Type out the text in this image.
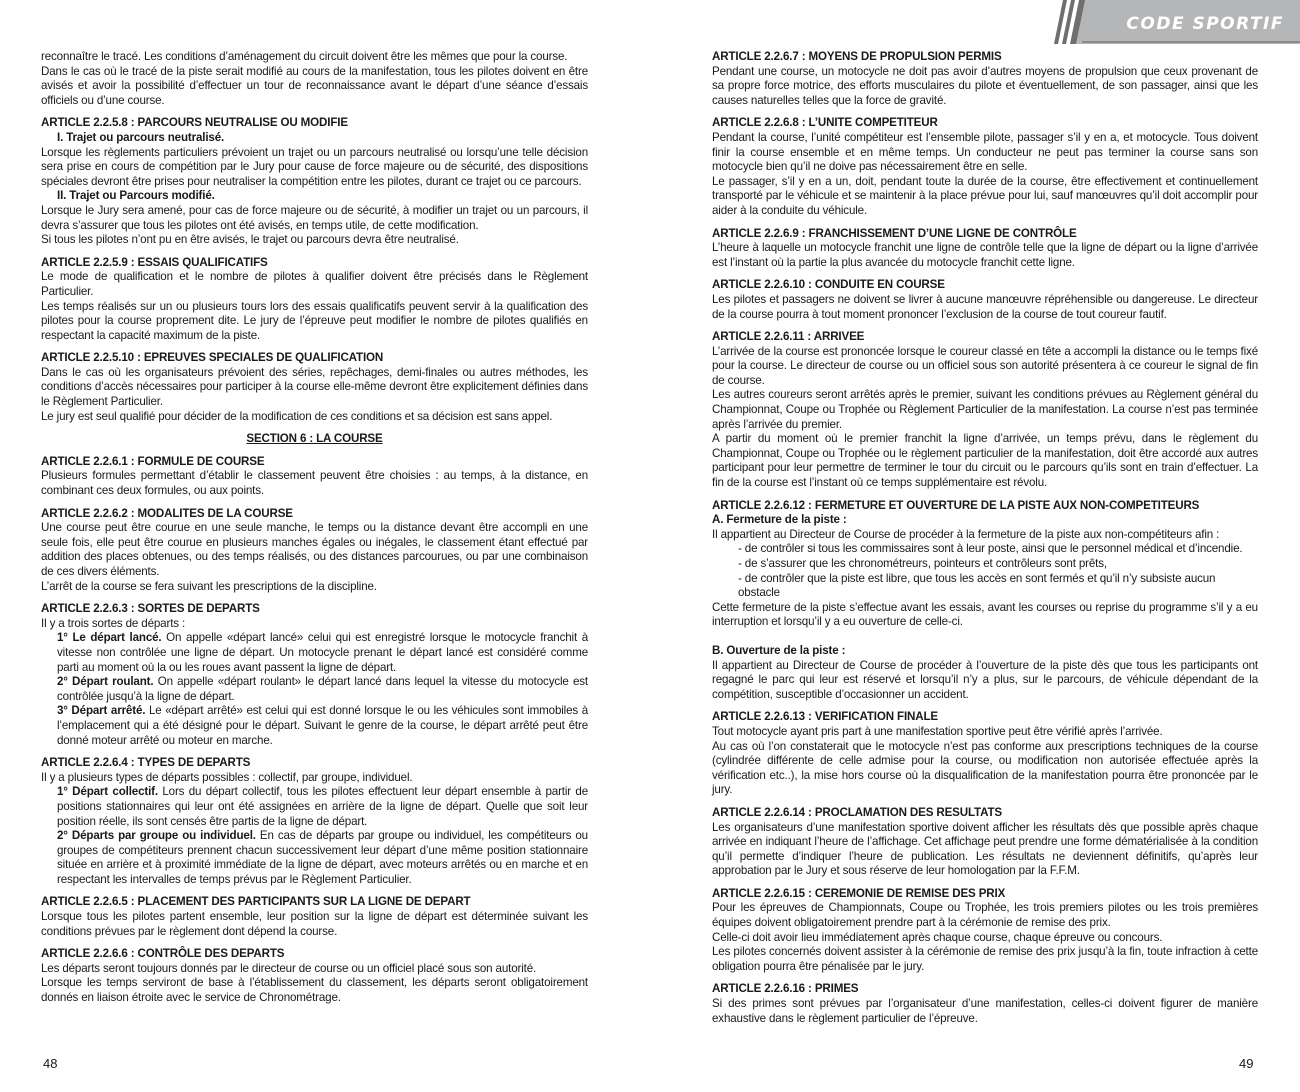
reconnaître le tracé. Les conditions d’aménagement du circuit doivent être les mêmes que pour la course.
Dans le cas où le tracé de la piste serait modifié au cours de la manifestation, tous les pilotes doivent en être avisés et avoir la possibilité d’effectuer un tour de reconnaissance avant le départ d’une séance d’essais officiels ou d’une course.
ARTICLE 2.2.5.8 : PARCOURS NEUTRALISE OU MODIFIE
I. Trajet ou parcours neutralisé.
Lorsque les règlements particuliers prévoient un trajet ou un parcours neutralisé ou lorsqu’une telle décision sera prise en cours de compétition par le Jury pour cause de force majeure ou de sécurité, des dispositions spéciales devront être prises pour neutraliser la compétition entre les pilotes, durant ce trajet ou ce parcours.
II. Trajet ou Parcours modifié.
Lorsque le Jury sera amené, pour cas de force majeure ou de sécurité, à modifier un trajet ou un parcours, il devra s’assurer que tous les pilotes ont été avisés, en temps utile, de cette modification.
Si tous les pilotes n’ont pu en être avisés, le trajet ou parcours devra être neutralisé.
ARTICLE 2.2.5.9 : ESSAIS QUALIFICATIFS
Le mode de qualification et le nombre de pilotes à qualifier doivent être précisés dans le Règlement Particulier.
Les temps réalisés sur un ou plusieurs tours lors des essais qualificatifs peuvent servir à la qualification des pilotes pour la course proprement dite. Le jury de l’épreuve peut modifier le nombre de pilotes qualifiés en respectant la capacité maximum de la piste.
ARTICLE 2.2.5.10 : EPREUVES SPECIALES DE QUALIFICATION
Dans le cas où les organisateurs prévoient des séries, repêchages, demi-finales ou autres méthodes, les conditions d’accès nécessaires pour participer à la course elle-même devront être explicitement définies dans le Règlement Particulier.
Le jury est seul qualifié pour décider de la modification de ces conditions et sa décision est sans appel.
SECTION 6 : LA COURSE
ARTICLE 2.2.6.1 : FORMULE DE COURSE
Plusieurs formules permettant d’établir le classement peuvent être choisies : au temps, à la distance, en combinant ces deux formules, ou aux points.
ARTICLE 2.2.6.2 : MODALITES DE LA COURSE
Une course peut être courue en une seule manche, le temps ou la distance devant être accompli en une seule fois, elle peut être courue en plusieurs manches égales ou inégales, le classement étant effectué par addition des places obtenues, ou des temps réalisés, ou des distances parcourues, ou par une combinaison de ces divers éléments.
L’arrêt de la course se fera suivant les prescriptions de la discipline.
ARTICLE 2.2.6.3 : SORTES DE DEPARTS
Il y a trois sortes de départs :
1° Le départ lancé. On appelle «départ lancé» celui qui est enregistré lorsque le motocycle franchit à vitesse non contrôlée une ligne de départ. Un motocycle prenant le départ lancé est considéré comme parti au moment où la ou les roues avant passent la ligne de départ.
2° Départ roulant. On appelle «départ roulant» le départ lancé dans lequel la vitesse du motocycle est contrôlée jusqu’à la ligne de départ.
3° Départ arrêté. Le «départ arrêté» est celui qui est donné lorsque le ou les véhicules sont immobiles à l’emplacement qui a été désigné pour le départ. Suivant le genre de la course, le départ arrêté peut être donné moteur arrêté ou moteur en marche.
ARTICLE 2.2.6.4 : TYPES DE DEPARTS
Il y a plusieurs types de départs possibles : collectif, par groupe, individuel.
1° Départ collectif. Lors du départ collectif, tous les pilotes effectuent leur départ ensemble à partir de positions stationnaires qui leur ont été assignées en arrière de la ligne de départ. Quelle que soit leur position réelle, ils sont censés être partis de la ligne de départ.
2° Départs par groupe ou individuel. En cas de départs par groupe ou individuel, les compétiteurs ou groupes de compétiteurs prennent chacun successivement leur départ d’une même position stationnaire située en arrière et à proximité immédiate de la ligne de départ, avec moteurs arrêtés ou en marche et en respectant les intervalles de temps prévus par le Règlement Particulier.
ARTICLE 2.2.6.5 : PLACEMENT DES PARTICIPANTS SUR LA LIGNE DE DEPART
Lorsque tous les pilotes partent ensemble, leur position sur la ligne de départ est déterminée suivant les conditions prévues par le règlement dont dépend la course.
ARTICLE 2.2.6.6 : CONTRÔLE DES DEPARTS
Les départs seront toujours donnés par le directeur de course ou un officiel placé sous son autorité.
Lorsque les temps serviront de base à l’établissement du classement, les départs seront obligatoirement donnés en liaison étroite avec le service de Chronométrage.
48
CODE SPORTIF
ARTICLE 2.2.6.7 : MOYENS DE PROPULSION PERMIS
Pendant une course, un motocycle ne doit pas avoir d’autres moyens de propulsion que ceux provenant de sa propre force motrice, des efforts musculaires du pilote et éventuellement, de son passager, ainsi que les causes naturelles telles que la force de gravité.
ARTICLE 2.2.6.8 : L’UNITE COMPETITEUR
Pendant la course, l’unité compétiteur est l’ensemble pilote, passager s’il y en a, et motocycle. Tous doivent finir la course ensemble et en même temps. Un conducteur ne peut pas terminer la course sans son motocycle bien qu’il ne doive pas nécessairement être en selle.
Le passager, s’il y en a un, doit, pendant toute la durée de la course, être effectivement et continuellement transporté par le véhicule et se maintenir à la place prévue pour lui, sauf manœuvres qu’il doit accomplir pour aider à la conduite du véhicule.
ARTICLE 2.2.6.9 : FRANCHISSEMENT D’UNE LIGNE DE CONTRÔLE
L’heure à laquelle un motocycle franchit une ligne de contrôle telle que la ligne de départ ou la ligne d’arrivée est l’instant où la partie la plus avancée du motocycle franchit cette ligne.
ARTICLE 2.2.6.10 : CONDUITE EN COURSE
Les pilotes et passagers ne doivent se livrer à aucune manœuvre répréhensible ou dangereuse. Le directeur de la course pourra à tout moment prononcer l’exclusion de la course de tout coureur fautif.
ARTICLE 2.2.6.11 : ARRIVEE
L’arrivée de la course est prononcée lorsque le coureur classé en tête a accompli la distance ou le temps fixé pour la course. Le directeur de course ou un officiel sous son autorité présentera à ce coureur le signal de fin de course.
Les autres coureurs seront arrêtés après le premier, suivant les conditions prévues au Règlement général du Championnat, Coupe ou Trophée ou Règlement Particulier de la manifestation. La course n’est pas terminée après l’arrivée du premier.
A partir du moment où le premier franchit la ligne d’arrivée, un temps prévu, dans le règlement du Championnat, Coupe ou Trophée ou le règlement particulier de la manifestation, doit être accordé aux autres participant pour leur permettre de terminer le tour du circuit ou le parcours qu’ils sont en train d’effectuer. La fin de la course est l’instant où ce temps supplémentaire est révolu.
ARTICLE 2.2.6.12 : FERMETURE ET OUVERTURE DE LA PISTE AUX NON-COMPETITEURS
A. Fermeture de la piste :
Il appartient au Directeur de Course de procéder à la fermeture de la piste aux non-compétiteurs afin :
- de contrôler si tous les commissaires sont à leur poste, ainsi que le personnel médical et d’incendie.
- de s’assurer que les chronométreurs, pointeurs et contrôleurs sont prêts,
- de contrôler que la piste est libre, que tous les accès en sont fermés et qu’il n’y subsiste aucun
obstacle
Cette fermeture de la piste s’effectue avant les essais, avant les courses ou reprise du programme s’il y a eu interruption et lorsqu’il y a eu ouverture de celle-ci.
B. Ouverture de la piste :
Il appartient au Directeur de Course de procéder à l’ouverture de la piste dès que tous les participants ont regagné le parc qui leur est réservé et lorsqu’il n’y a plus, sur le parcours, de véhicule dépendant de la compétition, susceptible d’occasionner un accident.
ARTICLE 2.2.6.13 : VERIFICATION FINALE
Tout motocycle ayant pris part à une manifestation sportive peut être vérifié après l’arrivée.
Au cas où l’on constaterait que le motocycle n’est pas conforme aux prescriptions techniques de la course (cylindrée différente de celle admise pour la course, ou modification non autorisée effectuée après la vérification etc..), la mise hors course où la disqualification de la manifestation pourra être prononcée par le jury.
ARTICLE 2.2.6.14 : PROCLAMATION DES RESULTATS
Les organisateurs d’une manifestation sportive doivent afficher les résultats dès que possible après chaque arrivée en indiquant l’heure de l’affichage. Cet affichage peut prendre une forme dématérialisée à la condition qu’il permette d’indiquer l’heure de publication. Les résultats ne deviennent définitifs, qu’après leur approbation par le Jury et sous réserve de leur homologation par la F.F.M.
ARTICLE 2.2.6.15 : CEREMONIE DE REMISE DES PRIX
Pour les épreuves de Championnats, Coupe ou Trophée, les trois premiers pilotes ou les trois premières équipes doivent obligatoirement prendre part à la cérémonie de remise des prix.
Celle-ci doit avoir lieu immédiatement après chaque course, chaque épreuve ou concours.
Les pilotes concernés doivent assister à la cérémonie de remise des prix jusqu’à la fin, toute infraction à cette obligation pourra être pénalisée par le jury.
ARTICLE 2.2.6.16 : PRIMES
Si des primes sont prévues par l’organisateur d’une manifestation, celles-ci doivent figurer de manière exhaustive dans le règlement particulier de l’épreuve.
49
